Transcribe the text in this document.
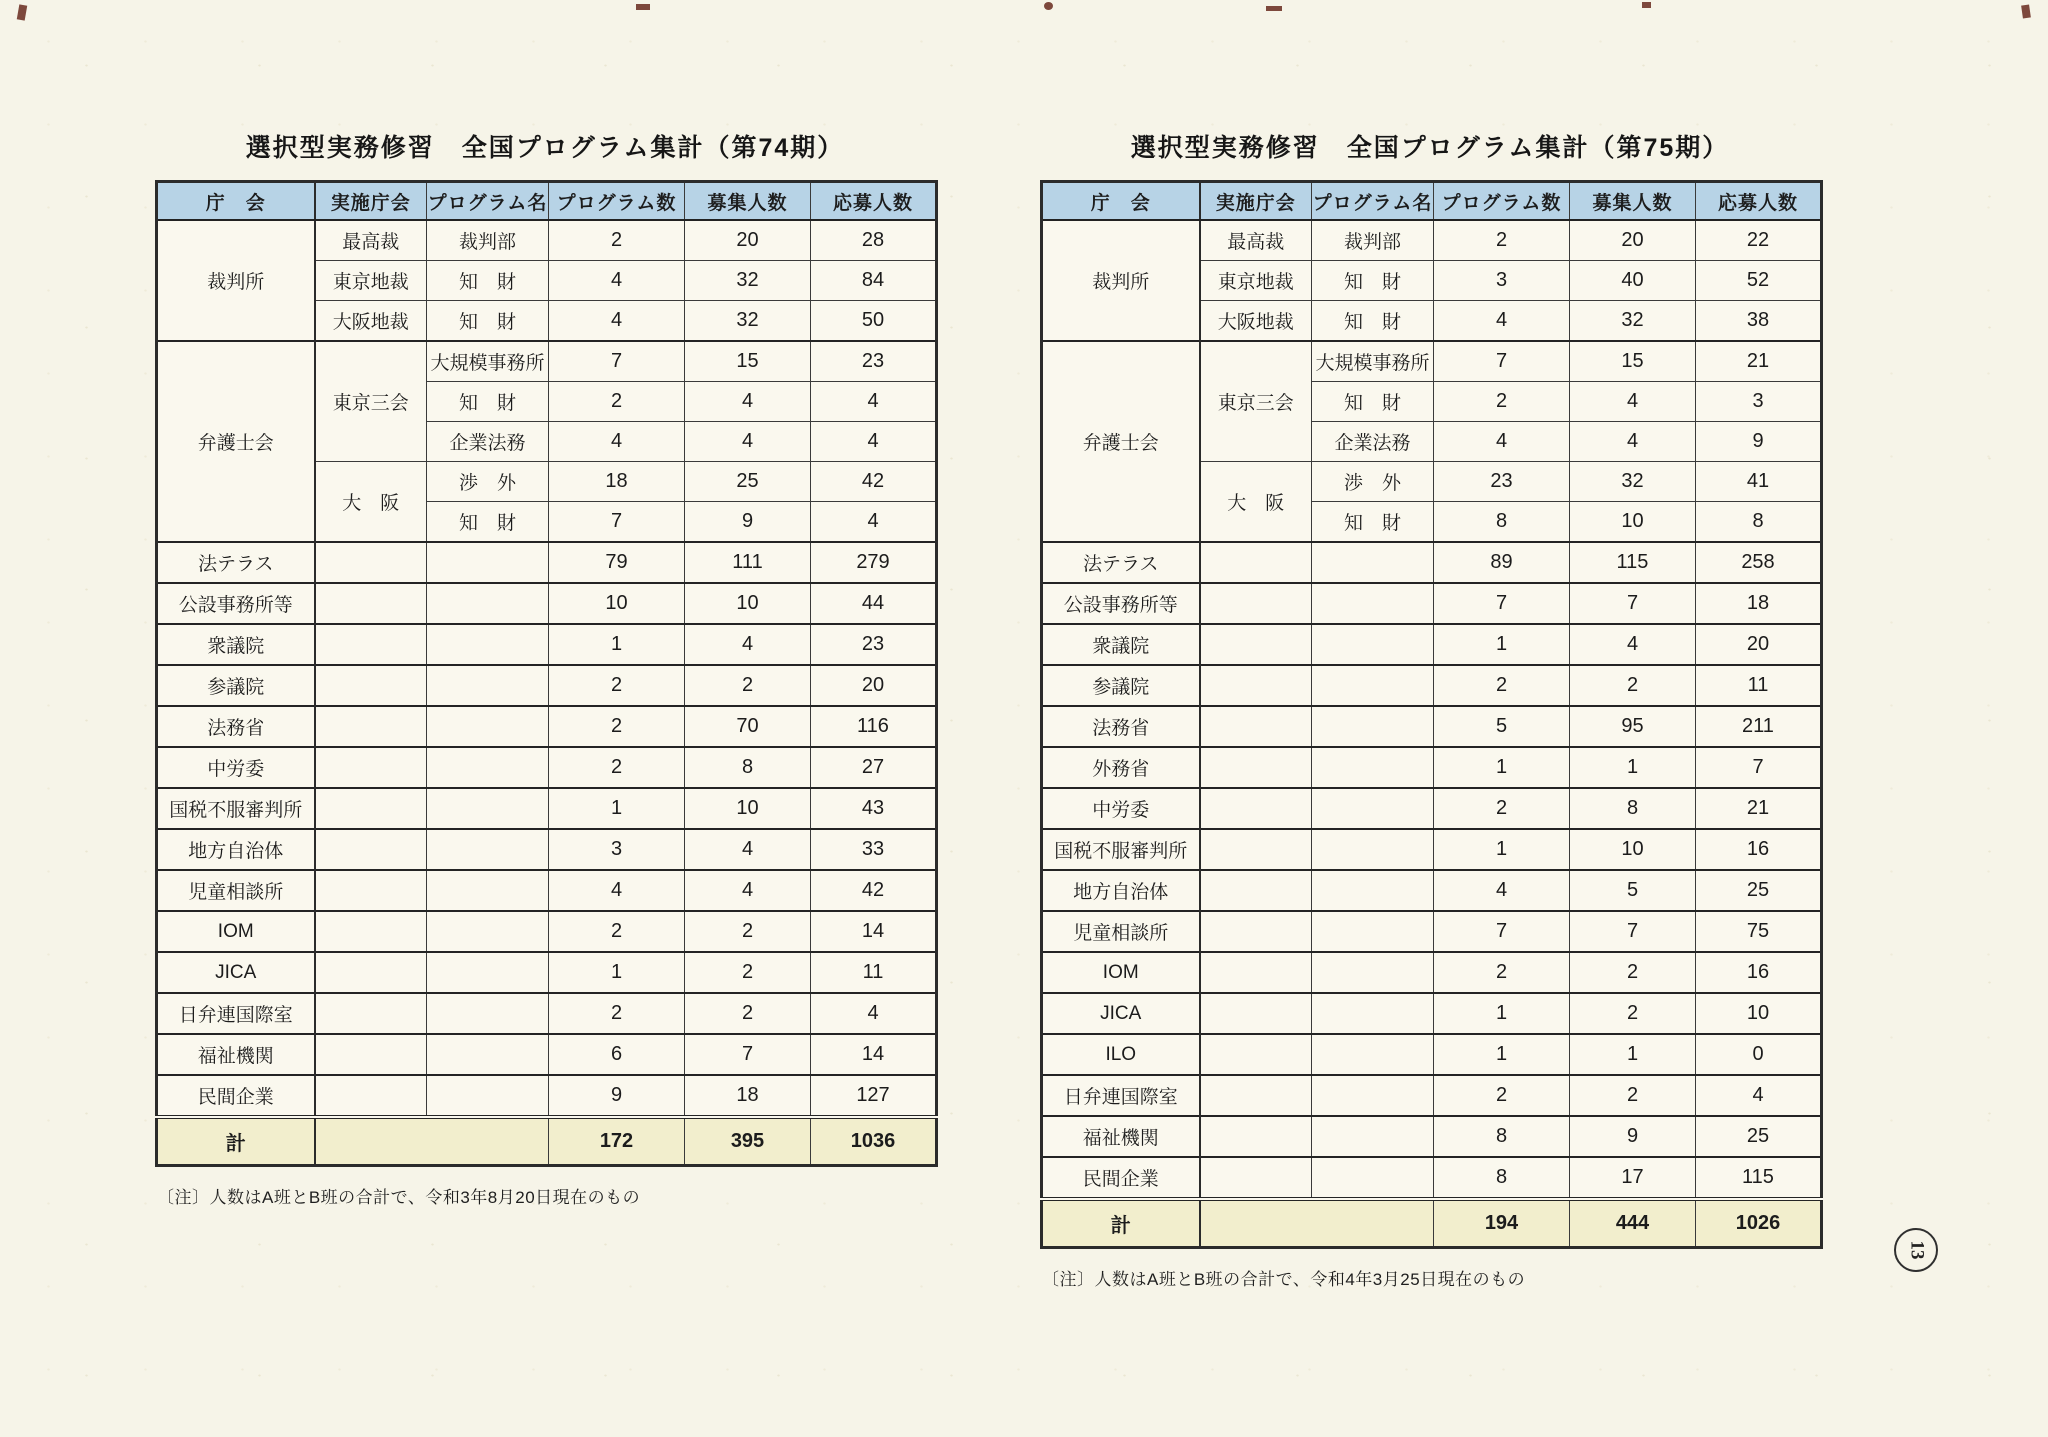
選択型実務修習　全国プログラム集計（第74期）
庁　会	実施庁会	プログラム名	プログラム数	募集人数	応募人数
裁判所	最高裁	裁判部	2	20	28
	東京地裁	知　財	4	32	84
	大阪地裁	知　財	4	32	50
弁護士会	東京三会	大規模事務所	7	15	23
		知　財	2	4	4
		企業法務	4	4	4
	大　阪	渉　外	18	25	42
		知　財	7	9	4
法テラス			79	111	279
公設事務所等			10	10	44
衆議院			1	4	23
参議院			2	2	20
法務省			2	70	116
中労委			2	8	27
国税不服審判所			1	10	43
地方自治体			3	4	33
児童相談所			4	4	42
IOM			2	2	14
JICA			1	2	11
日弁連国際室			2	2	4
福祉機関			6	7	14
民間企業			9	18	127
計			172	395	1036

〔注〕人数はA班とB班の合計で、令和3年8月20日現在のもの

選択型実務修習　全国プログラム集計（第75期）
庁　会	実施庁会	プログラム名	プログラム数	募集人数	応募人数
裁判所	最高裁	裁判部	2	20	22
	東京地裁	知　財	3	40	52
	大阪地裁	知　財	4	32	38
弁護士会	東京三会	大規模事務所	7	15	21
		知　財	2	4	3
		企業法務	4	4	9
	大　阪	渉　外	23	32	41
		知　財	8	10	8
法テラス			89	115	258
公設事務所等			7	7	18
衆議院			1	4	20
参議院			2	2	11
法務省			5	95	211
外務省			1	1	7
中労委			2	8	21
国税不服審判所			1	10	16
地方自治体			4	5	25
児童相談所			7	7	75
IOM			2	2	16
JICA			1	2	10
ILO			1	1	0
日弁連国際室			2	2	4
福祉機関			8	9	25
民間企業			8	17	115
計			194	444	1026

〔注〕人数はA班とB班の合計で、令和4年3月25日現在のもの

13
